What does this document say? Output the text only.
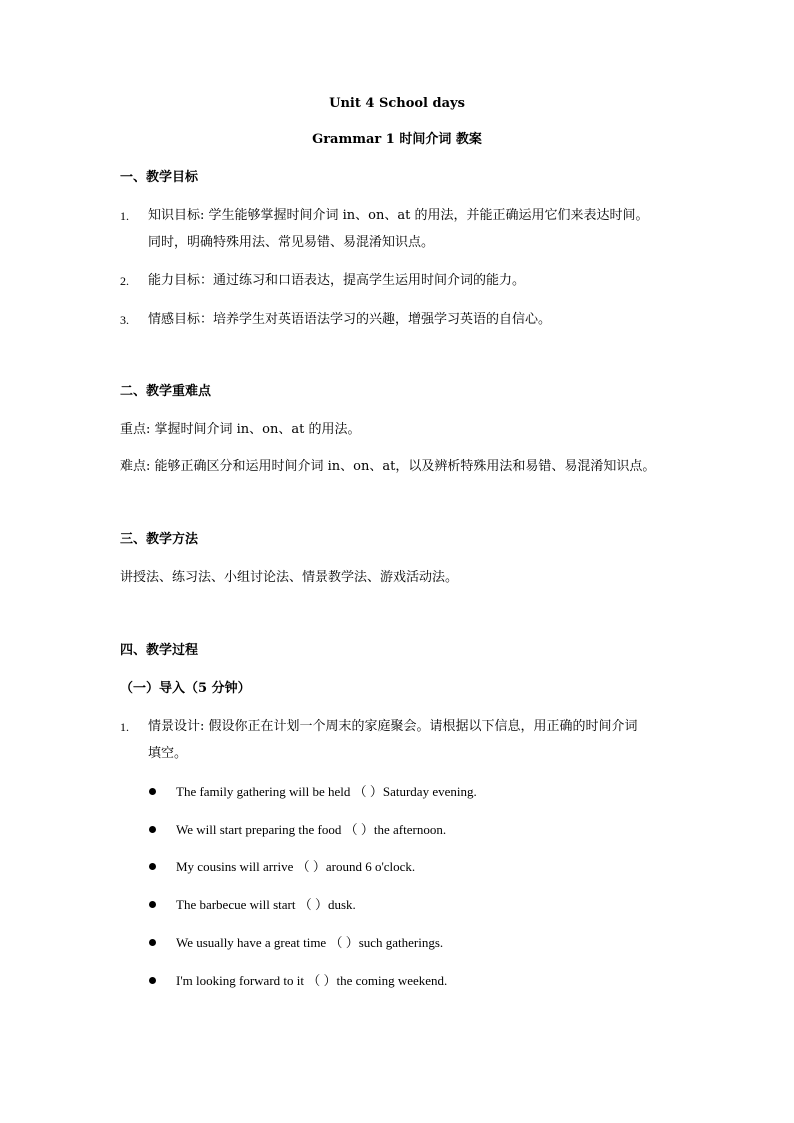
Unit 4 School days
Grammar 1 时间介词 教案
一、教学目标
1. 知识目标: 学生能够掌握时间介词 in、on、at 的用法，并能正确运用它们来表达时间。
同时，明确特殊用法、常见易错、易混淆知识点。
2. 能力目标：通过练习和口语表达，提高学生运用时间介词的能力。
3. 情感目标：培养学生对英语语法学习的兴趣，增强学习英语的自信心。
二、教学重难点
重点: 掌握时间介词 in、on、at 的用法。
难点: 能够正确区分和运用时间介词 in、on、at，以及辨析特殊用法和易错、易混淆知识点。
三、教学方法
讲授法、练习法、小组讨论法、情景教学法、游戏活动法。
四、教学过程
（一）导入（5 分钟）
1. 情景设计: 假设你正在计划一个周末的家庭聚会。请根据以下信息，用正确的时间介词
填空。
The family gathering will be held （ ）Saturday evening.
We will start preparing the food （ ）the afternoon.
My cousins will arrive （ ）around 6 o'clock.
The barbecue will start （ ）dusk.
We usually have a great time （ ）such gatherings.
I'm looking forward to it （ ）the coming weekend.
